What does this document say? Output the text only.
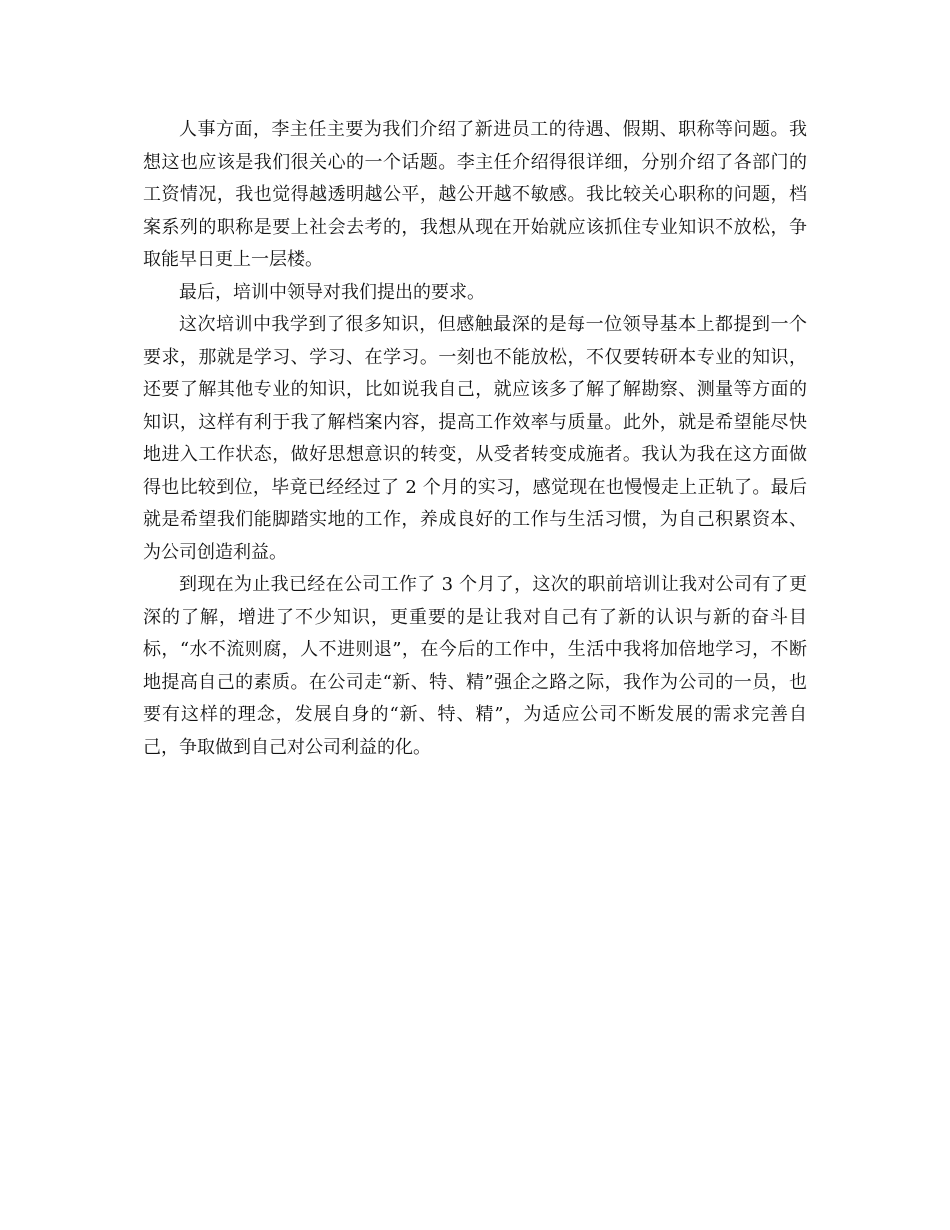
人事方面，李主任主要为我们介绍了新进员工的待遇、假期、职称等问题。我想这也应该是我们很关心的一个话题。李主任介绍得很详细，分别介绍了各部门的工资情况，我也觉得越透明越公平，越公开越不敏感。我比较关心职称的问题，档案系列的职称是要上社会去考的，我想从现在开始就应该抓住专业知识不放松，争取能早日更上一层楼。

最后，培训中领导对我们提出的要求。

这次培训中我学到了很多知识，但感触最深的是每一位领导基本上都提到一个要求，那就是学习、学习、在学习。一刻也不能放松，不仅要转研本专业的知识，还要了解其他专业的知识，比如说我自己，就应该多了解了解勘察、测量等方面的知识，这样有利于我了解档案内容，提高工作效率与质量。此外，就是希望能尽快地进入工作状态，做好思想意识的转变，从受者转变成施者。我认为我在这方面做得也比较到位，毕竟已经经过了 2 个月的实习，感觉现在也慢慢走上正轨了。最后就是希望我们能脚踏实地的工作，养成良好的工作与生活习惯，为自己积累资本、为公司创造利益。

到现在为止我已经在公司工作了 3 个月了，这次的职前培训让我对公司有了更深的了解，增进了不少知识，更重要的是让我对自己有了新的认识与新的奋斗目标，“水不流则腐，人不进则退”，在今后的工作中，生活中我将加倍地学习，不断地提高自己的素质。在公司走“新、特、精”强企之路之际，我作为公司的一员，也要有这样的理念，发展自身的“新、特、精”，为适应公司不断发展的需求完善自己，争取做到自己对公司利益的化。
